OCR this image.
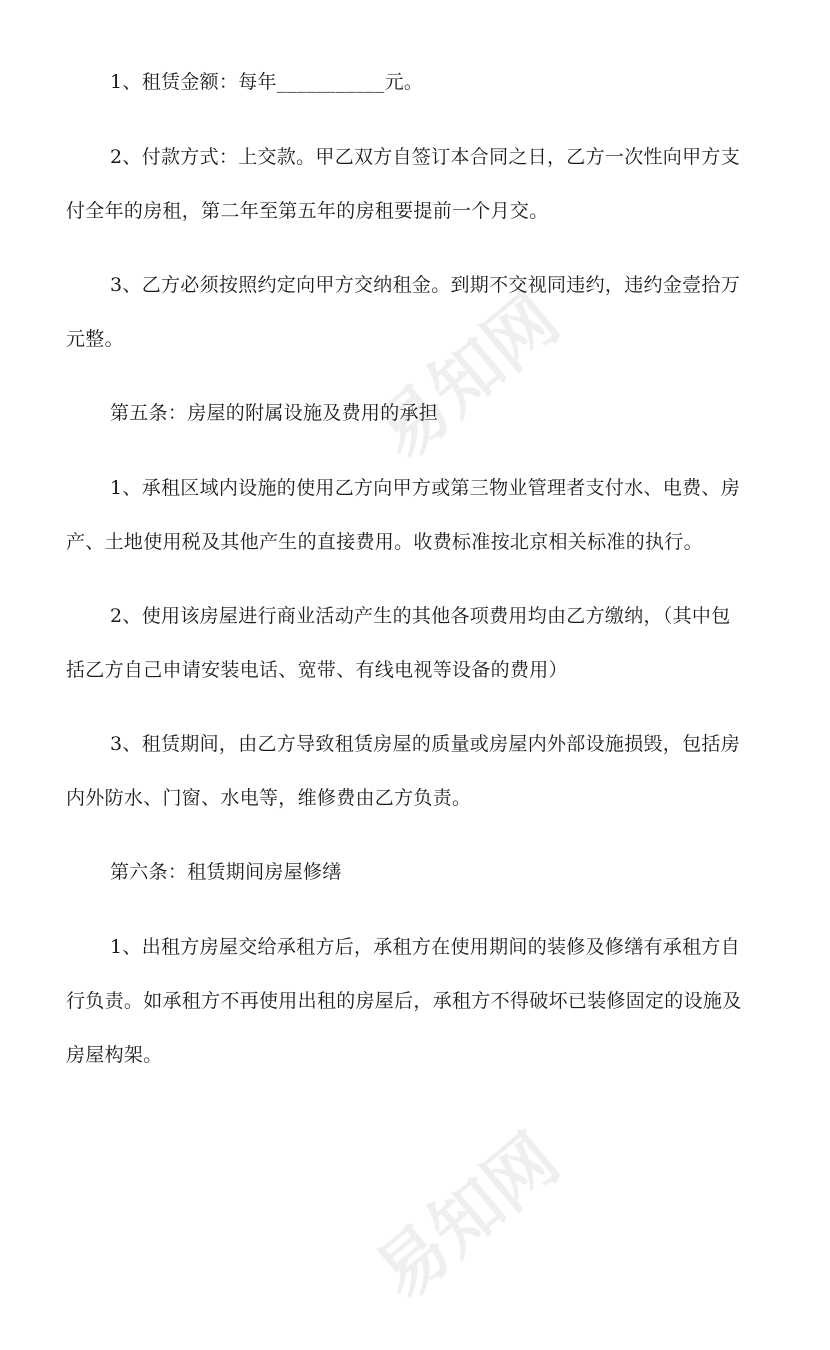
易知网
易知网
1、租赁金额：每年___________元。
2、付款方式：上交款。甲乙双方自签订本合同之日，乙方一次性向甲方支
付全年的房租，第二年至第五年的房租要提前一个月交。
3、乙方必须按照约定向甲方交纳租金。到期不交视同违约，违约金壹拾万
元整。
第五条：房屋的附属设施及费用的承担
1、承租区域内设施的使用乙方向甲方或第三物业管理者支付水、电费、房
产、土地使用税及其他产生的直接费用。收费标准按北京相关标准的执行。
2、使用该房屋进行商业活动产生的其他各项费用均由乙方缴纳，（其中包
括乙方自己申请安装电话、宽带、有线电视等设备的费用）
3、租赁期间，由乙方导致租赁房屋的质量或房屋内外部设施损毁，包括房
内外防水、门窗、水电等，维修费由乙方负责。
第六条：租赁期间房屋修缮
1、出租方房屋交给承租方后，承租方在使用期间的装修及修缮有承租方自
行负责。如承租方不再使用出租的房屋后，承租方不得破坏已装修固定的设施及
房屋构架。
